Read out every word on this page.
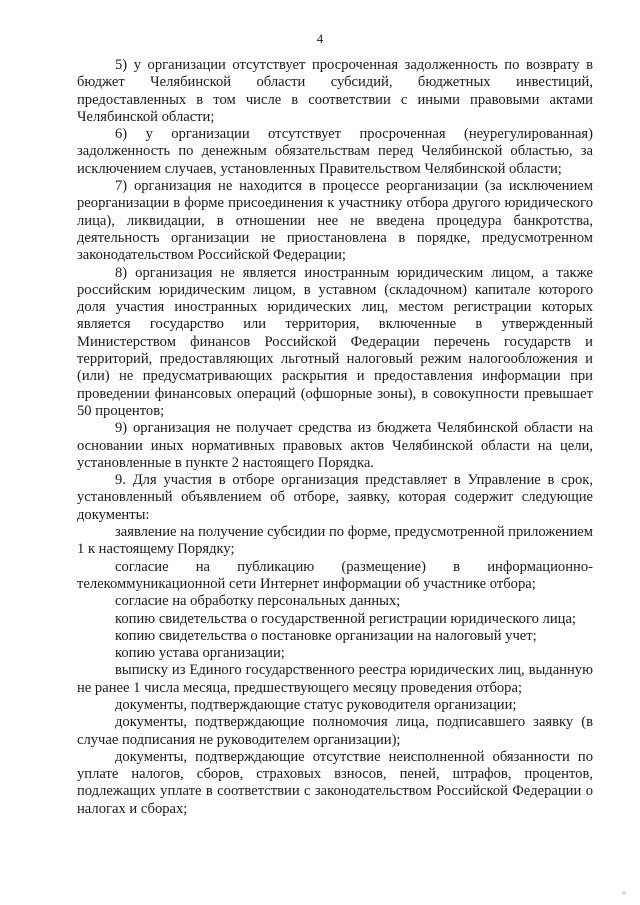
4

5) у организации отсутствует просроченная задолженность по возврату в бюджет Челябинской области субсидий, бюджетных инвестиций, предоставленных в том числе в соответствии с иными правовыми актами Челябинской области;

6) у организации отсутствует просроченная (неурегулированная) задолженность по денежным обязательствам перед Челябинской областью, за исключением случаев, установленных Правительством Челябинской области;

7) организация не находится в процессе реорганизации (за исключением реорганизации в форме присоединения к участнику отбора другого юридического лица), ликвидации, в отношении нее не введена процедура банкротства, деятельность организации не приостановлена в порядке, предусмотренном законодательством Российской Федерации;

8) организация не является иностранным юридическим лицом, а также российским юридическим лицом, в уставном (складочном) капитале которого доля участия иностранных юридических лиц, местом регистрации которых является государство или территория, включенные в утвержденный Министерством финансов Российской Федерации перечень государств и территорий, предоставляющих льготный налоговый режим налогообложения и (или) не предусматривающих раскрытия и предоставления информации при проведении финансовых операций (офшорные зоны), в совокупности превышает 50 процентов;

9) организация не получает средства из бюджета Челябинской области на основании иных нормативных правовых актов Челябинской области на цели, установленные в пункте 2 настоящего Порядка.

9. Для участия в отборе организация представляет в Управление в срок, установленный объявлением об отборе, заявку, которая содержит следующие документы:

заявление на получение субсидии по форме, предусмотренной приложением 1 к настоящему Порядку;

согласие на публикацию (размещение) в информационно-телекоммуникационной сети Интернет информации об участнике отбора;

согласие на обработку персональных данных;

копию свидетельства о государственной регистрации юридического лица;

копию свидетельства о постановке организации на налоговый учет;

копию устава организации;

выписку из Единого государственного реестра юридических лиц, выданную не ранее 1 числа месяца, предшествующего месяцу проведения отбора;

документы, подтверждающие статус руководителя организации;

документы, подтверждающие полномочия лица, подписавшего заявку (в случае подписания не руководителем организации);

документы, подтверждающие отсутствие неисполненной обязанности по уплате налогов, сборов, страховых взносов, пеней, штрафов, процентов, подлежащих уплате в соответствии с законодательством Российской Федерации о налогах и сборах;
